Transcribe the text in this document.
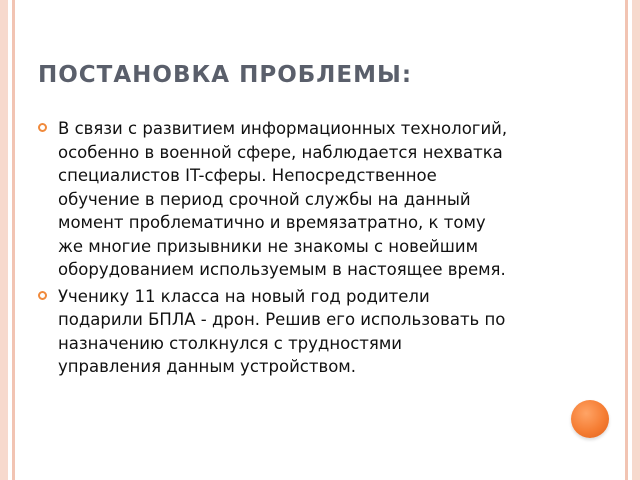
ПОСТАНОВКА ПРОБЛЕМЫ:
В связи с развитием информационных технологий, особенно в военной сфере, наблюдается нехватка специалистов IT-сферы. Непосредственное обучение в период срочной службы на данный момент проблематично и времязатратно, к тому же многие призывники не знакомы с новейшим оборудованием используемым в настоящее время.
Ученику 11 класса на новый год родители подарили БПЛА - дрон. Решив его использовать по назначению столкнулся с трудностями управления данным устройством.
